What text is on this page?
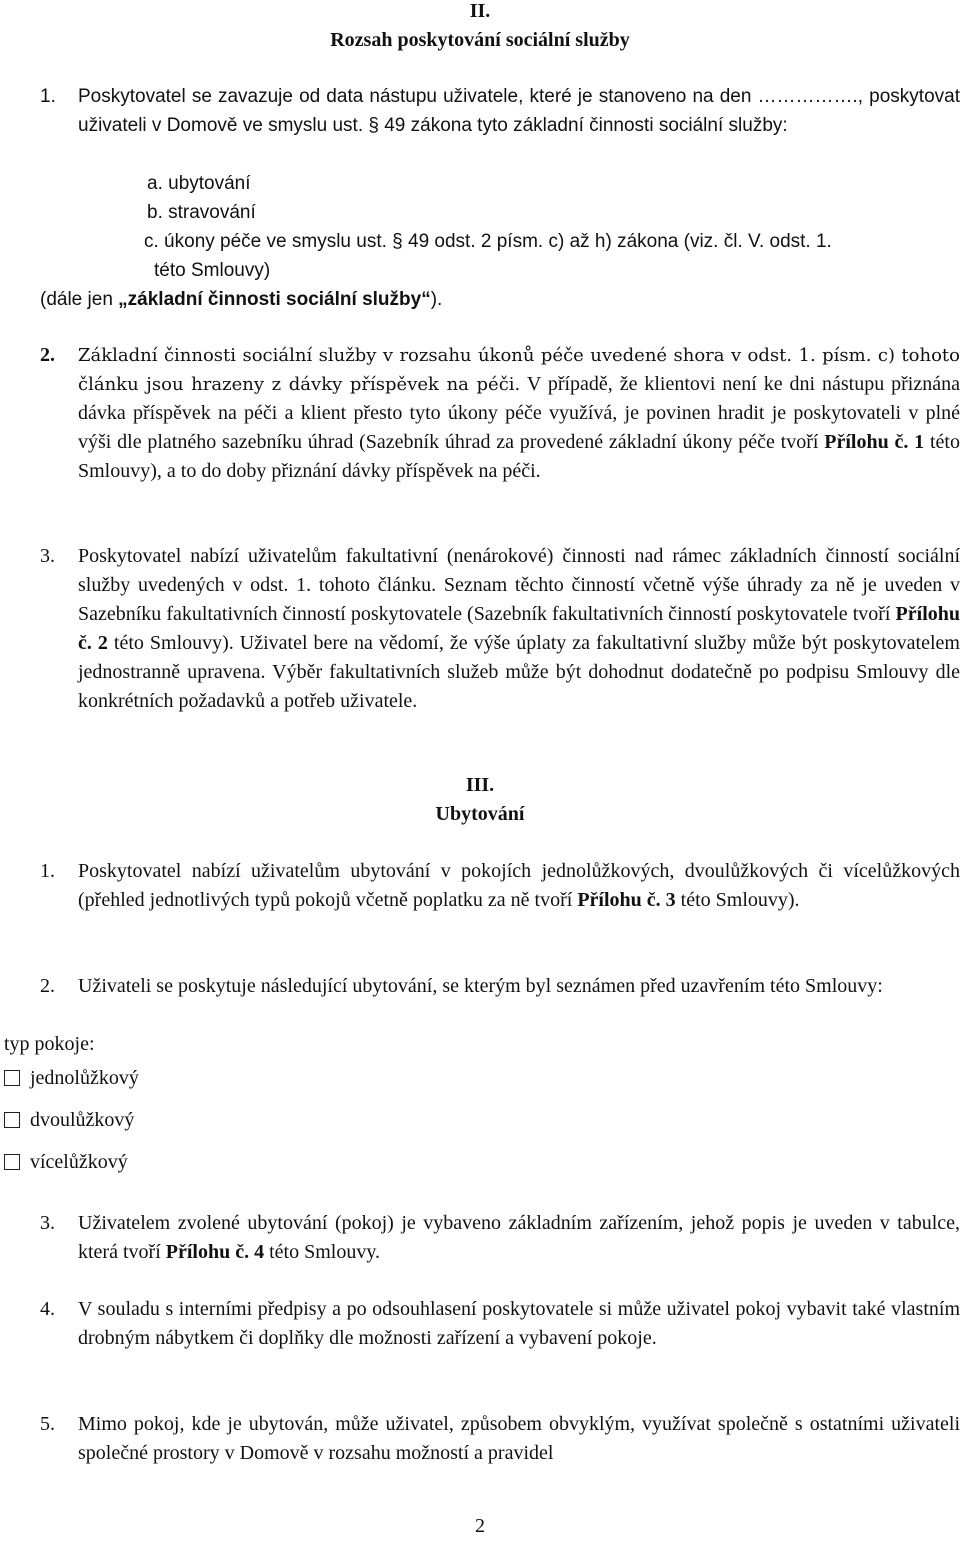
II.
Rozsah poskytování sociální služby
1.	Poskytovatel se zavazuje od data nástupu uživatele, které je stanoveno na den ……………., poskytovat uživateli v Domově ve smyslu ust. § 49 zákona tyto základní činnosti sociální služby:
a. ubytování
b. stravování
c. úkony péče ve smyslu ust. § 49 odst. 2 písm. c) až h) zákona (viz. čl. V. odst. 1.
této Smlouvy)
(dále jen „základní činnosti sociální služby“).
2.	Základní činnosti sociální služby v rozsahu úkonů péče uvedené shora v odst. 1. písm. c) tohoto článku jsou hrazeny z dávky příspěvek na péči. V případě, že klientovi není ke dni nástupu přiznána dávka příspěvek na péči a klient přesto tyto úkony péče využívá, je povinen hradit je poskytovateli v plné výši dle platného sazebníku úhrad (Sazebník úhrad za provedené základní úkony péče tvoří Přílohu č. 1 této Smlouvy), a to do doby přiznání dávky příspěvek na péči.
3.	Poskytovatel nabízí uživatelům fakultativní (nenárokové) činnosti nad rámec základních činností sociální služby uvedených v odst. 1. tohoto článku. Seznam těchto činností včetně výše úhrady za ně je uveden v Sazebníku fakultativních činností poskytovatele (Sazebník fakultativních činností poskytovatele tvoří Přílohu č. 2 této Smlouvy). Uživatel bere na vědomí, že výše úplaty za fakultativní služby může být poskytovatelem jednostranně upravena. Výběr fakultativních služeb může být dohodnut dodatečně po podpisu Smlouvy dle konkrétních požadavků a potřeb uživatele.
III.
Ubytování
1.	Poskytovatel nabízí uživatelům ubytování v pokojích jednolůžkových, dvoulůžkových či vícelůžkových (přehled jednotlivých typů pokojů včetně poplatku za ně tvoří Přílohu č. 3 této Smlouvy).
2.	Uživateli se poskytuje následující ubytování, se kterým byl seznámen před uzavřením této Smlouvy:
typ pokoje:
jednolůžkový
dvoulůžkový
vícelůžkový
3.	Uživatelem zvolené ubytování (pokoj) je vybaveno základním zařízením, jehož popis je uveden v tabulce, která tvoří Přílohu č. 4 této Smlouvy.
4.	V souladu s interními předpisy a po odsouhlasení poskytovatele si může uživatel pokoj vybavit také vlastním drobným nábytkem či doplňky dle možnosti zařízení a vybavení pokoje.
5.	Mimo pokoj, kde je ubytován, může uživatel, způsobem obvyklým, využívat společně s ostatními uživateli společné prostory v Domově v rozsahu možností a pravidel
2
